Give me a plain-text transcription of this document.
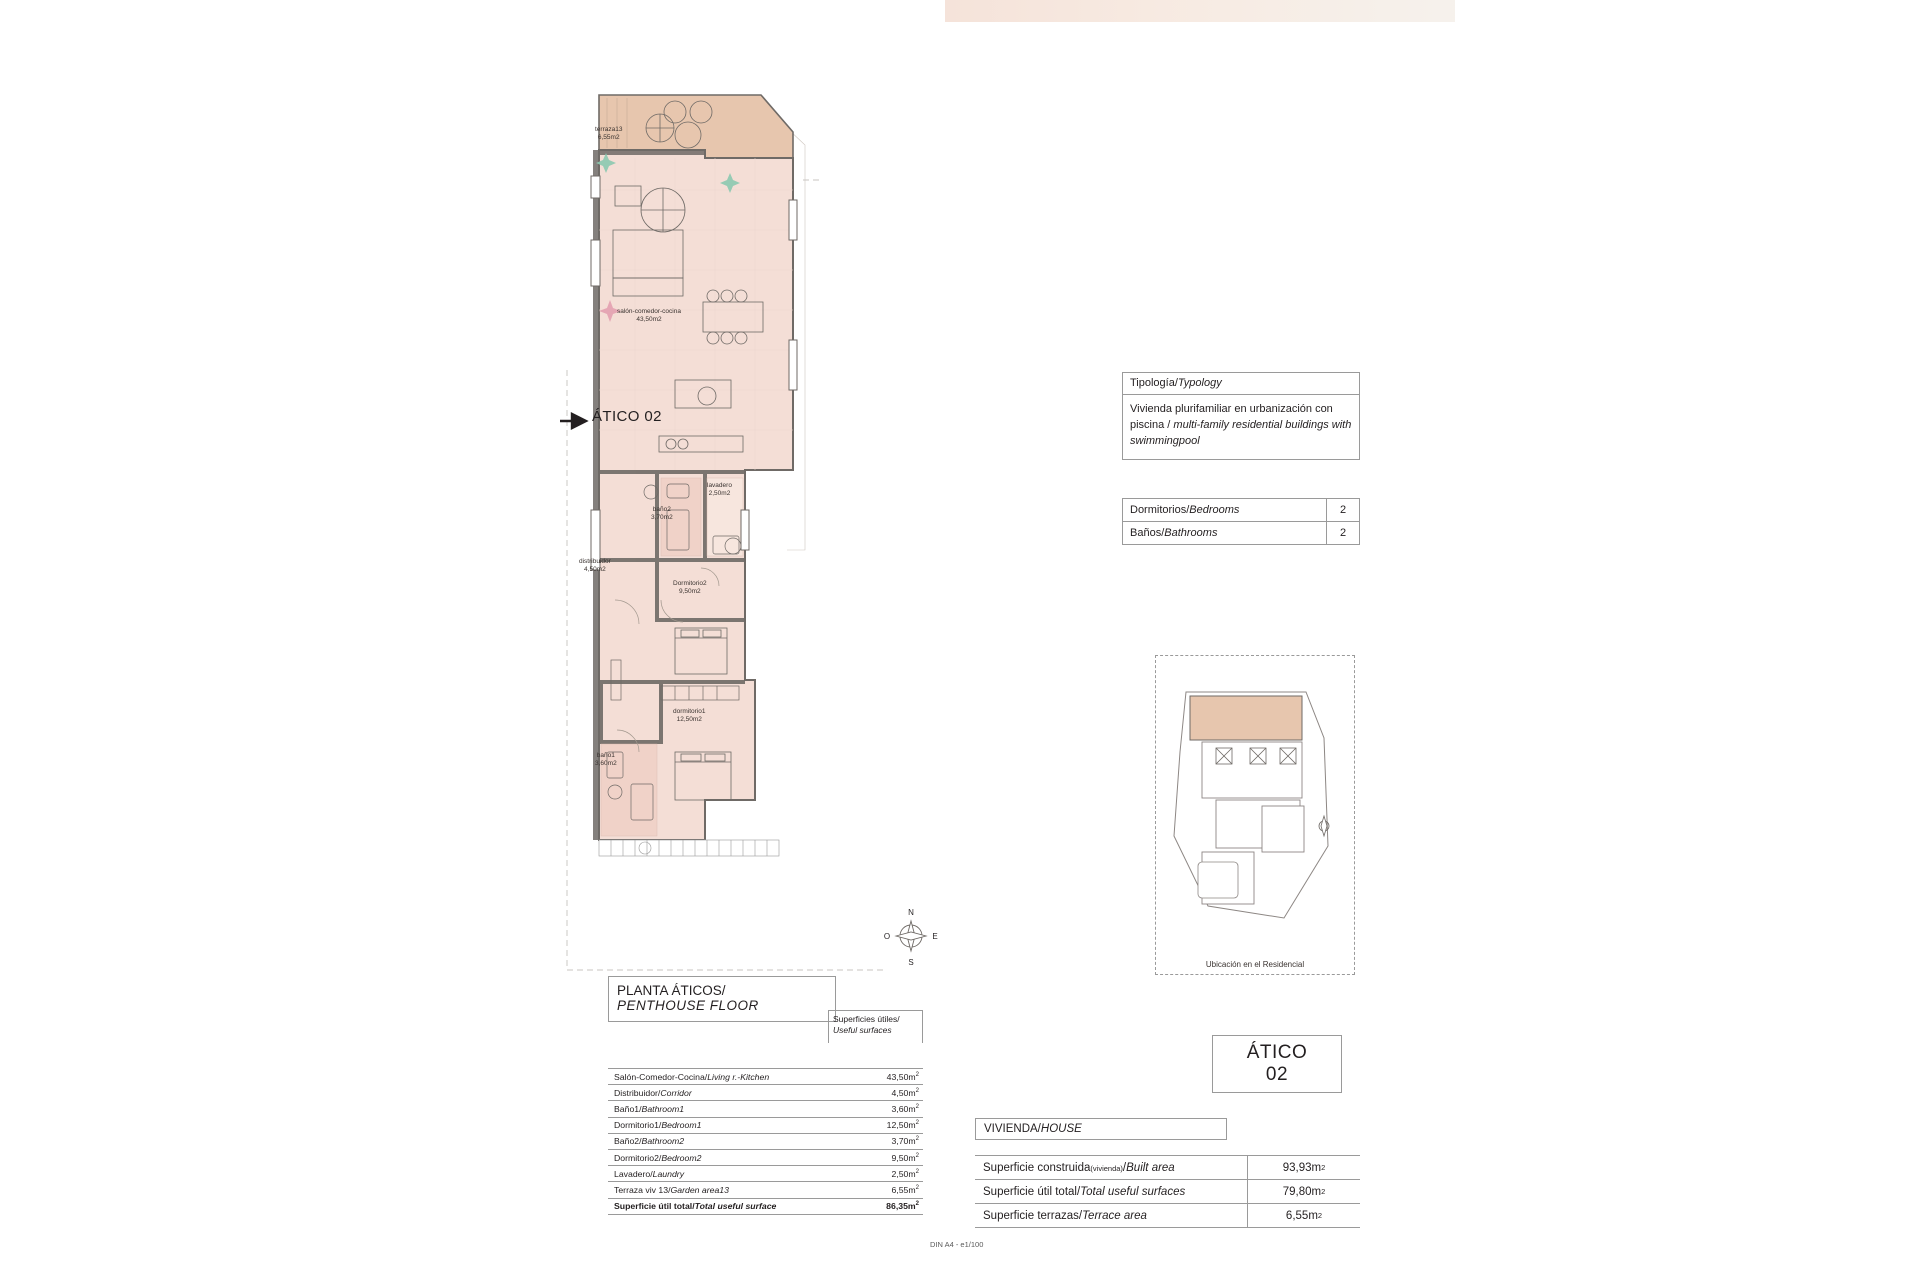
terraza13
6,55m2
salón-comedor-cocina
43,50m2
baño2
3,70m2
lavadero
2,50m2
distribuidor
4,50m2
Dormitorio2
9,50m2
dormitorio1
12,50m2
baño1
3,60m2
ÁTICO 02
N
S
E
O
PLANTA ÁTICOS/
PENTHOUSE FLOOR
Superficies útiles/
Useful surfaces
Salón-Comedor-Cocina/Living r.-Kitchen	$43,50m^2$
Distribuidor/Corridor	$4,50m^2$
Baño1/Bathroom1	$3,60m^2$
Dormitorio1/Bedroom1	$12,50m^2$
Baño2/Bathroom2	$3,70m^2$
Dormitorio2/Bedroom2	$9,50m^2$
Lavadero/Laundry	$2,50m^2$
Terraza viv 13/Garden area13	$6,55m^2$
Superficie útil total/Total useful surface	$86,35m^2$
DIN A4 - e1/100
Tipología/Typology
Vivienda plurifamiliar en urbanización con piscina / multi-family residential buildings with swimmingpool
Dormitorios/Bedrooms	2
Baños/Bathrooms	2
Ubicación en el Residencial
ÁTICO
02
VIVIENDA/ HOUSE
Superficie construida(vivienda)/Built area	93,93 m 2
Superficie útil total/Total useful surfaces	79,80 m 2
Superficie terrazas/Terrace area	6,55 m 2
